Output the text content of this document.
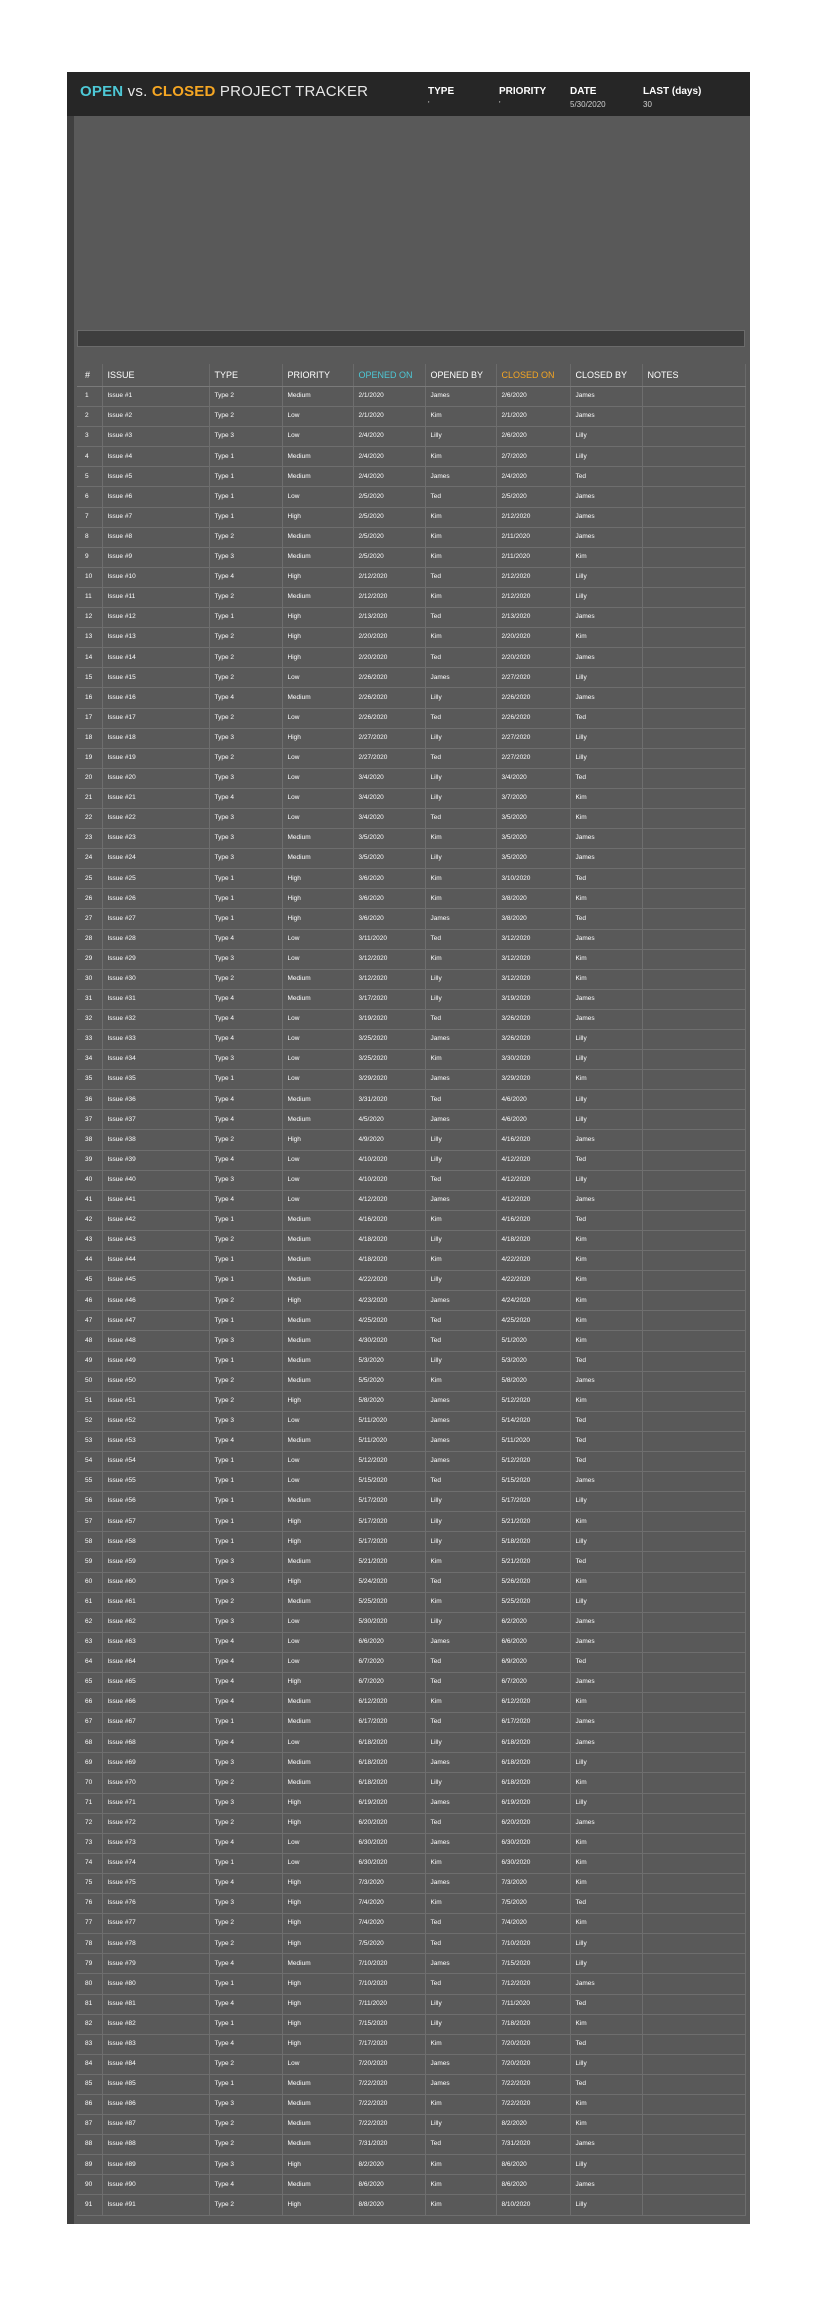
OPEN vs. CLOSED PROJECT TRACKER	TYPE
'
PRIORITY
'
DATE
5/30/2020
LAST (days)
30
#	ISSUE	TYPE	PRIORITY	OPENED ON	OPENED BY	CLOSED ON	CLOSED BY	NOTES
1	Issue #1	Type 2	Medium	2/1/2020	James	2/6/2020	James	
2	Issue #2	Type 2	Low	2/1/2020	Kim	2/1/2020	James	
3	Issue #3	Type 3	Low	2/4/2020	Lilly	2/6/2020	Lilly	
4	Issue #4	Type 1	Medium	2/4/2020	Kim	2/7/2020	Lilly	
5	Issue #5	Type 1	Medium	2/4/2020	James	2/4/2020	Ted	
6	Issue #6	Type 1	Low	2/5/2020	Ted	2/5/2020	James	
7	Issue #7	Type 1	High	2/5/2020	Kim	2/12/2020	James	
8	Issue #8	Type 2	Medium	2/5/2020	Kim	2/11/2020	James	
9	Issue #9	Type 3	Medium	2/5/2020	Kim	2/11/2020	Kim	
10	Issue #10	Type 4	High	2/12/2020	Ted	2/12/2020	Lilly	
11	Issue #11	Type 2	Medium	2/12/2020	Kim	2/12/2020	Lilly	
12	Issue #12	Type 1	High	2/13/2020	Ted	2/13/2020	James	
13	Issue #13	Type 2	High	2/20/2020	Kim	2/20/2020	Kim	
14	Issue #14	Type 2	High	2/20/2020	Ted	2/20/2020	James	
15	Issue #15	Type 2	Low	2/26/2020	James	2/27/2020	Lilly	
16	Issue #16	Type 4	Medium	2/26/2020	Lilly	2/26/2020	James	
17	Issue #17	Type 2	Low	2/26/2020	Ted	2/26/2020	Ted	
18	Issue #18	Type 3	High	2/27/2020	Lilly	2/27/2020	Lilly	
19	Issue #19	Type 2	Low	2/27/2020	Ted	2/27/2020	Lilly	
20	Issue #20	Type 3	Low	3/4/2020	Lilly	3/4/2020	Ted	
21	Issue #21	Type 4	Low	3/4/2020	Lilly	3/7/2020	Kim	
22	Issue #22	Type 3	Low	3/4/2020	Ted	3/5/2020	Kim	
23	Issue #23	Type 3	Medium	3/5/2020	Kim	3/5/2020	James	
24	Issue #24	Type 3	Medium	3/5/2020	Lilly	3/5/2020	James	
25	Issue #25	Type 1	High	3/6/2020	Kim	3/10/2020	Ted	
26	Issue #26	Type 1	High	3/6/2020	Kim	3/8/2020	Kim	
27	Issue #27	Type 1	High	3/6/2020	James	3/8/2020	Ted	
28	Issue #28	Type 4	Low	3/11/2020	Ted	3/12/2020	James	
29	Issue #29	Type 3	Low	3/12/2020	Kim	3/12/2020	Kim	
30	Issue #30	Type 2	Medium	3/12/2020	Lilly	3/12/2020	Kim	
31	Issue #31	Type 4	Medium	3/17/2020	Lilly	3/19/2020	James	
32	Issue #32	Type 4	Low	3/19/2020	Ted	3/26/2020	James	
33	Issue #33	Type 4	Low	3/25/2020	James	3/26/2020	Lilly	
34	Issue #34	Type 3	Low	3/25/2020	Kim	3/30/2020	Lilly	
35	Issue #35	Type 1	Low	3/29/2020	James	3/29/2020	Kim	
36	Issue #36	Type 4	Medium	3/31/2020	Ted	4/6/2020	Lilly	
37	Issue #37	Type 4	Medium	4/5/2020	James	4/6/2020	Lilly	
38	Issue #38	Type 2	High	4/9/2020	Lilly	4/16/2020	James	
39	Issue #39	Type 4	Low	4/10/2020	Lilly	4/12/2020	Ted	
40	Issue #40	Type 3	Low	4/10/2020	Ted	4/12/2020	Lilly	
41	Issue #41	Type 4	Low	4/12/2020	James	4/12/2020	James	
42	Issue #42	Type 1	Medium	4/16/2020	Kim	4/16/2020	Ted	
43	Issue #43	Type 2	Medium	4/18/2020	Lilly	4/18/2020	Kim	
44	Issue #44	Type 1	Medium	4/18/2020	Kim	4/22/2020	Kim	
45	Issue #45	Type 1	Medium	4/22/2020	Lilly	4/22/2020	Kim	
46	Issue #46	Type 2	High	4/23/2020	James	4/24/2020	Kim	
47	Issue #47	Type 1	Medium	4/25/2020	Ted	4/25/2020	Kim	
48	Issue #48	Type 3	Medium	4/30/2020	Ted	5/1/2020	Kim	
49	Issue #49	Type 1	Medium	5/3/2020	Lilly	5/3/2020	Ted	
50	Issue #50	Type 2	Medium	5/5/2020	Kim	5/8/2020	James	
51	Issue #51	Type 2	High	5/8/2020	James	5/12/2020	Kim	
52	Issue #52	Type 3	Low	5/11/2020	James	5/14/2020	Ted	
53	Issue #53	Type 4	Medium	5/11/2020	James	5/11/2020	Ted	
54	Issue #54	Type 1	Low	5/12/2020	James	5/12/2020	Ted	
55	Issue #55	Type 1	Low	5/15/2020	Ted	5/15/2020	James	
56	Issue #56	Type 1	Medium	5/17/2020	Lilly	5/17/2020	Lilly	
57	Issue #57	Type 1	High	5/17/2020	Lilly	5/21/2020	Kim	
58	Issue #58	Type 1	High	5/17/2020	Lilly	5/18/2020	Lilly	
59	Issue #59	Type 3	Medium	5/21/2020	Kim	5/21/2020	Ted	
60	Issue #60	Type 3	High	5/24/2020	Ted	5/26/2020	Kim	
61	Issue #61	Type 2	Medium	5/25/2020	Kim	5/25/2020	Lilly	
62	Issue #62	Type 3	Low	5/30/2020	Lilly	6/2/2020	James	
63	Issue #63	Type 4	Low	6/6/2020	James	6/6/2020	James	
64	Issue #64	Type 4	Low	6/7/2020	Ted	6/9/2020	Ted	
65	Issue #65	Type 4	High	6/7/2020	Ted	6/7/2020	James	
66	Issue #66	Type 4	Medium	6/12/2020	Kim	6/12/2020	Kim	
67	Issue #67	Type 1	Medium	6/17/2020	Ted	6/17/2020	James	
68	Issue #68	Type 4	Low	6/18/2020	Lilly	6/18/2020	James	
69	Issue #69	Type 3	Medium	6/18/2020	James	6/18/2020	Lilly	
70	Issue #70	Type 2	Medium	6/18/2020	Lilly	6/18/2020	Kim	
71	Issue #71	Type 3	High	6/19/2020	James	6/19/2020	Lilly	
72	Issue #72	Type 2	High	6/20/2020	Ted	6/20/2020	James	
73	Issue #73	Type 4	Low	6/30/2020	James	6/30/2020	Kim	
74	Issue #74	Type 1	Low	6/30/2020	Kim	6/30/2020	Kim	
75	Issue #75	Type 4	High	7/3/2020	James	7/3/2020	Kim	
76	Issue #76	Type 3	High	7/4/2020	Kim	7/5/2020	Ted	
77	Issue #77	Type 2	High	7/4/2020	Ted	7/4/2020	Kim	
78	Issue #78	Type 2	High	7/5/2020	Ted	7/10/2020	Lilly	
79	Issue #79	Type 4	Medium	7/10/2020	James	7/15/2020	Lilly	
80	Issue #80	Type 1	High	7/10/2020	Ted	7/12/2020	James	
81	Issue #81	Type 4	High	7/11/2020	Lilly	7/11/2020	Ted	
82	Issue #82	Type 1	High	7/15/2020	Lilly	7/18/2020	Kim	
83	Issue #83	Type 4	High	7/17/2020	Kim	7/20/2020	Ted	
84	Issue #84	Type 2	Low	7/20/2020	James	7/20/2020	Lilly	
85	Issue #85	Type 1	Medium	7/22/2020	James	7/22/2020	Ted	
86	Issue #86	Type 3	Medium	7/22/2020	Kim	7/22/2020	Kim	
87	Issue #87	Type 2	Medium	7/22/2020	Lilly	8/2/2020	Kim	
88	Issue #88	Type 2	Medium	7/31/2020	Ted	7/31/2020	James	
89	Issue #89	Type 3	High	8/2/2020	Kim	8/6/2020	Lilly	
90	Issue #90	Type 4	Medium	8/6/2020	Kim	8/6/2020	James	
91	Issue #91	Type 2	High	8/8/2020	Kim	8/10/2020	Lilly	
